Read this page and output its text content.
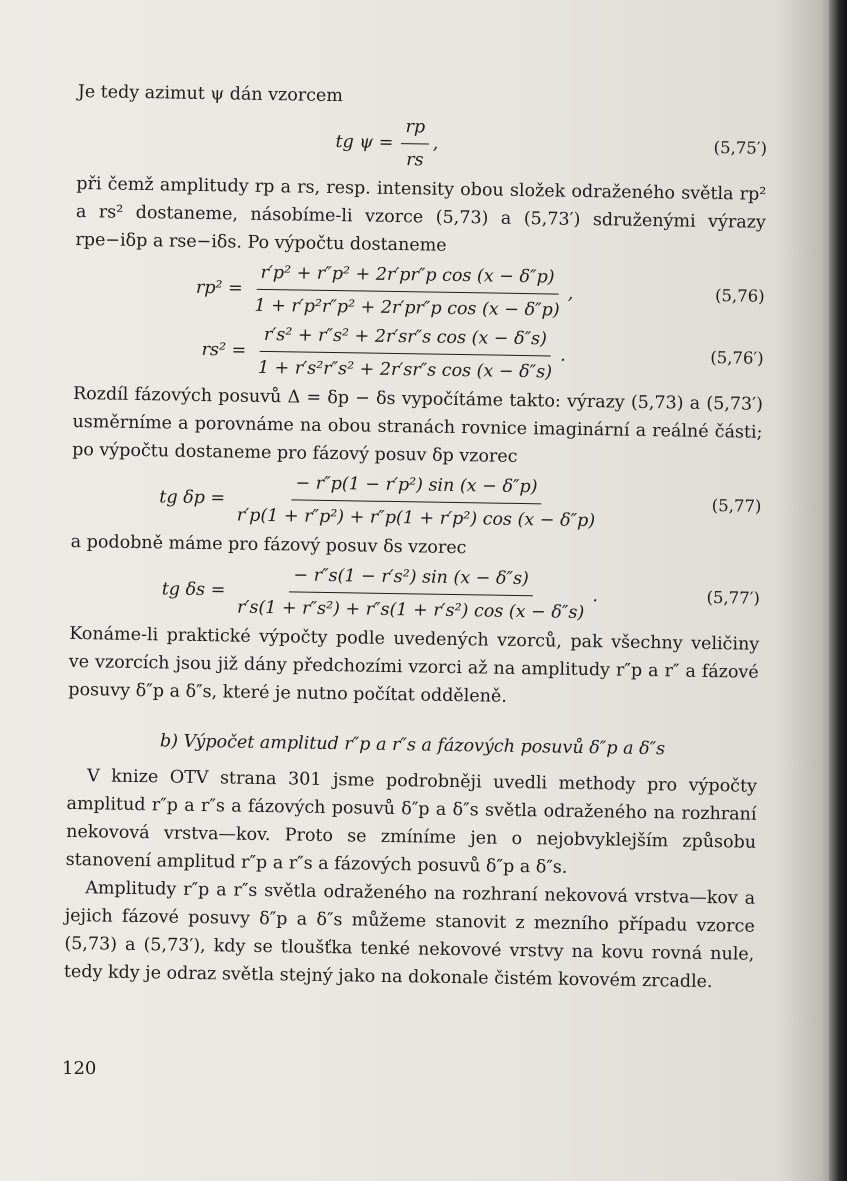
Je tedy azimut ψ dán vzorcem

tg $\psi = \frac{rp}{rs}$ ,	(5,75′)

při čemž amplitudy rp a rs, resp. intensity obou složek odraženého světla rp² a rs² dostaneme, násobíme-li vzorce (5,73) a (5,73′) sdruženými výrazy rpe−iδp a rse−iδs. Po výpočtu dostaneme

$rp^2 = \frac{\text{r′p² + r″p² + 2r′pr″p cos (x − δ″p)}}{\text{1 + r′p²r″p² + 2r′pr″p cos (x − δ″p)}}$ ,	(5,76)
$rs^2 = \frac{\text{r′s² + r″s² + 2r′sr″s cos (x − δ″s)}}{\text{1 + r′s²r″s² + 2r′sr″s cos (x − δ″s)}}$ .	(5,76′)

Rozdíl fázových posuvů Δ = δp − δs vypočítáme takto: výrazy (5,73) a (5,73′) usměrníme a porovnáme na obou stranách rovnice imaginární a reálné části; po výpočtu dostaneme pro fázový posuv δp vzorec

tg $\delta p = \frac{\text{− r″p(1 − r′p²) sin (x − δ″p)}}{\text{r′p(1 + r″p²) + r″p(1 + r′p²) cos (x − δ″p)}}$	(5,77)

a podobně máme pro fázový posuv δs vzorec

tg $\delta s = \frac{\text{− r″s(1 − r′s²) sin (x − δ″s)}}{\text{r′s(1 + r″s²) + r″s(1 + r′s²) cos (x − δ″s)}}$ .	(5,77′)

Konáme-li praktické výpočty podle uvedených vzorců, pak všechny veličiny ve vzorcích jsou již dány předchozími vzorci až na amplitudy r″p a r″ a fázové posuvy δ″p a δ″s, které je nutno počítat odděleně.

b) Výpočet amplitud r″p a r″s a fázových posuvů δ″p a δ″s

V knize OTV strana 301 jsme podrobněji uvedli methody pro výpočty amplitud r″p a r″s a fázových posuvů δ″p a δ″s světla odraženého na rozhraní nekovová vrstva—kov. Proto se zmíníme jen o nejobvyklejším způsobu stanovení amplitud r″p a r″s a fázových posuvů δ″p a δ″s.

Amplitudy r″p a r″s světla odraženého na rozhraní nekovová vrstva—kov a jejich fázové posuvy δ″p a δ″s můžeme stanovit z mezního případu vzorce (5,73) a (5,73′), kdy se tloušťka tenké nekovové vrstvy na kovu rovná nule, tedy kdy je odraz světla stejný jako na dokonale čistém kovovém zrcadle.

120
